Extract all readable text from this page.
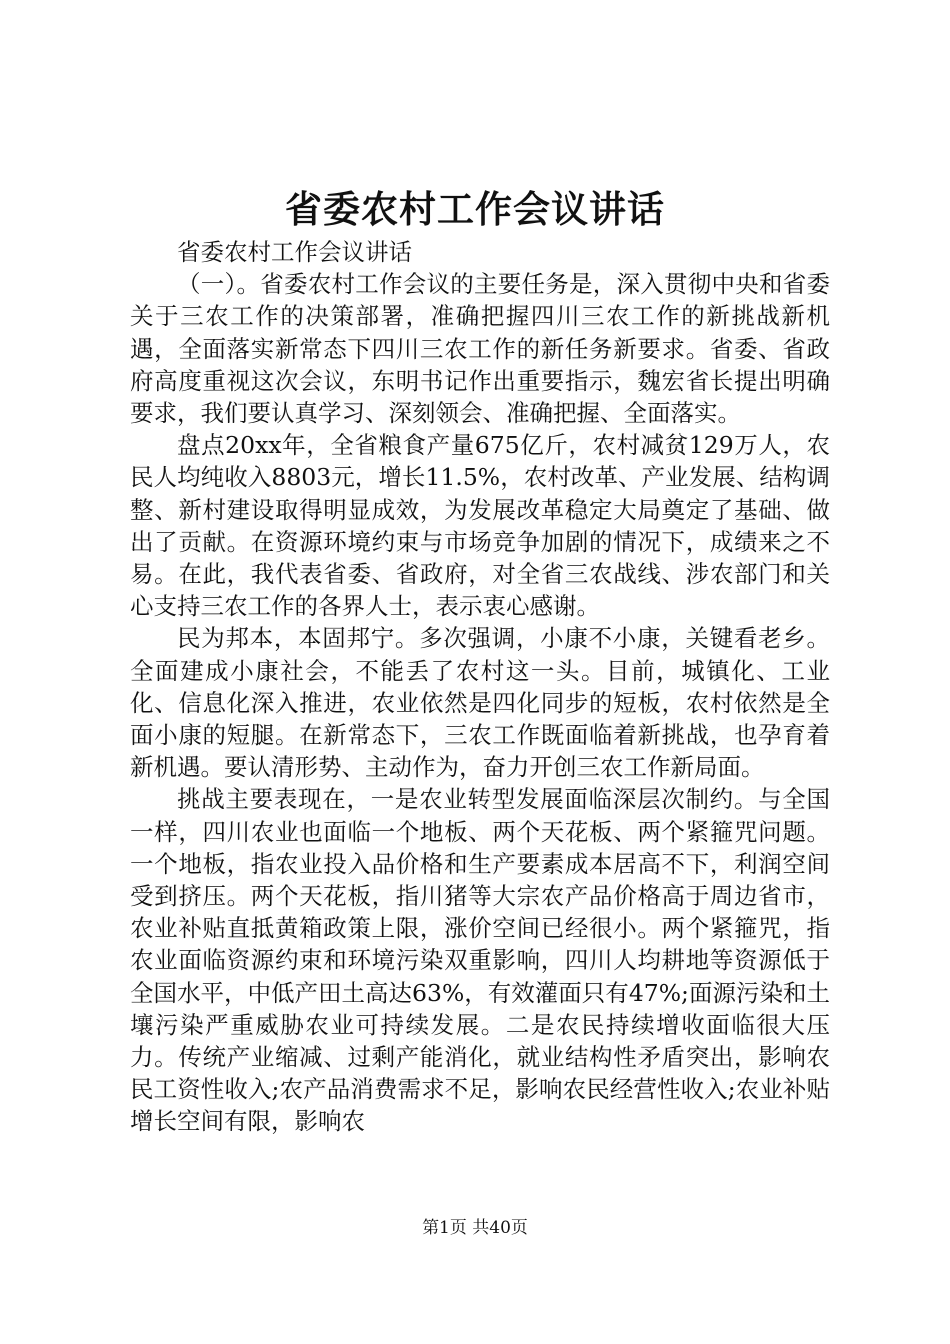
省委农村工作会议讲话

省委农村工作会议讲话

（一）。省委农村工作会议的主要任务是，深入贯彻中央和省委关于三农工作的决策部署，准确把握四川三农工作的新挑战新机遇，全面落实新常态下四川三农工作的新任务新要求。省委、省政府高度重视这次会议，东明书记作出重要指示，魏宏省长提出明确要求，我们要认真学习、深刻领会、准确把握、全面落实。

盘点20xx年，全省粮食产量675亿斤，农村减贫129万人，农民人均纯收入8803元，增长11.5%，农村改革、产业发展、结构调整、新村建设取得明显成效，为发展改革稳定大局奠定了基础、做出了贡献。在资源环境约束与市场竞争加剧的情况下，成绩来之不易。在此，我代表省委、省政府，对全省三农战线、涉农部门和关心支持三农工作的各界人士，表示衷心感谢。

民为邦本，本固邦宁。多次强调，小康不小康，关键看老乡。全面建成小康社会，不能丢了农村这一头。目前，城镇化、工业化、信息化深入推进，农业依然是四化同步的短板，农村依然是全面小康的短腿。在新常态下，三农工作既面临着新挑战，也孕育着新机遇。要认清形势、主动作为，奋力开创三农工作新局面。

挑战主要表现在，一是农业转型发展面临深层次制约。与全国一样，四川农业也面临一个地板、两个天花板、两个紧箍咒问题。一个地板，指农业投入品价格和生产要素成本居高不下，利润空间受到挤压。两个天花板，指川猪等大宗农产品价格高于周边省市，农业补贴直抵黄箱政策上限，涨价空间已经很小。两个紧箍咒，指农业面临资源约束和环境污染双重影响，四川人均耕地等资源低于全国水平，中低产田土高达63%，有效灌面只有47%;面源污染和土壤污染严重威胁农业可持续发展。二是农民持续增收面临很大压力。传统产业缩减、过剩产能消化，就业结构性矛盾突出，影响农民工资性收入;农产品消费需求不足，影响农民经营性收入;农业补贴增长空间有限，影响农

第1页 共40页
